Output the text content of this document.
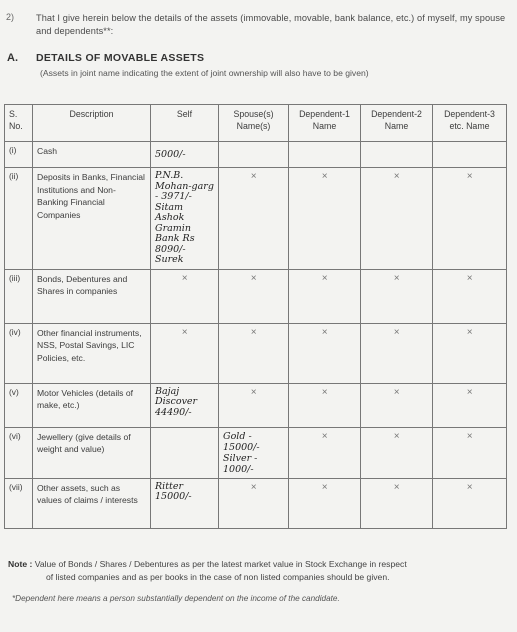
2) That I give herein below the details of the assets (immovable, movable, bank balance, etc.) of myself, my spouse and dependents**:
A. DETAILS OF MOVABLE ASSETS
(Assets in joint name indicating the extent of joint ownership will also have to be given)
S. No.	Description	Self	Spouse(s) Name(s)	Dependent-1 Name	Dependent-2 Name	Dependent-3 etc. Name
(i)	Cash	5000/-				
(ii)	Deposits in Banks, Financial Institutions and Non-Banking Financial Companies	P.N.B. Mohan-garg - 3971/- Sitam Ashok Gramin Bank Rs 8090/- Surek	×	×	×	×
(iii)	Bonds, Debentures and Shares in companies	×	×	×	×	×
(iv)	Other financial instruments, NSS, Postal Savings, LIC Policies, etc.	×	×	×	×	×
(v)	Motor Vehicles (details of make, etc.)	Bajaj Discover 44490/-	×	×	×	×
(vi)	Jewellery (give details of weight and value)		Gold - 15000/- Silver - 1000/-	×	×	×
(vii)	Other assets, such as values of claims / interests	Ritter 15000/-	×	×	×	×
Note : Value of Bonds / Shares / Debentures as per the latest market value in Stock Exchange in respect
of listed companies and as per books in the case of non listed companies should be given.
*Dependent here means a person substantially dependent on the income of the candidate.
